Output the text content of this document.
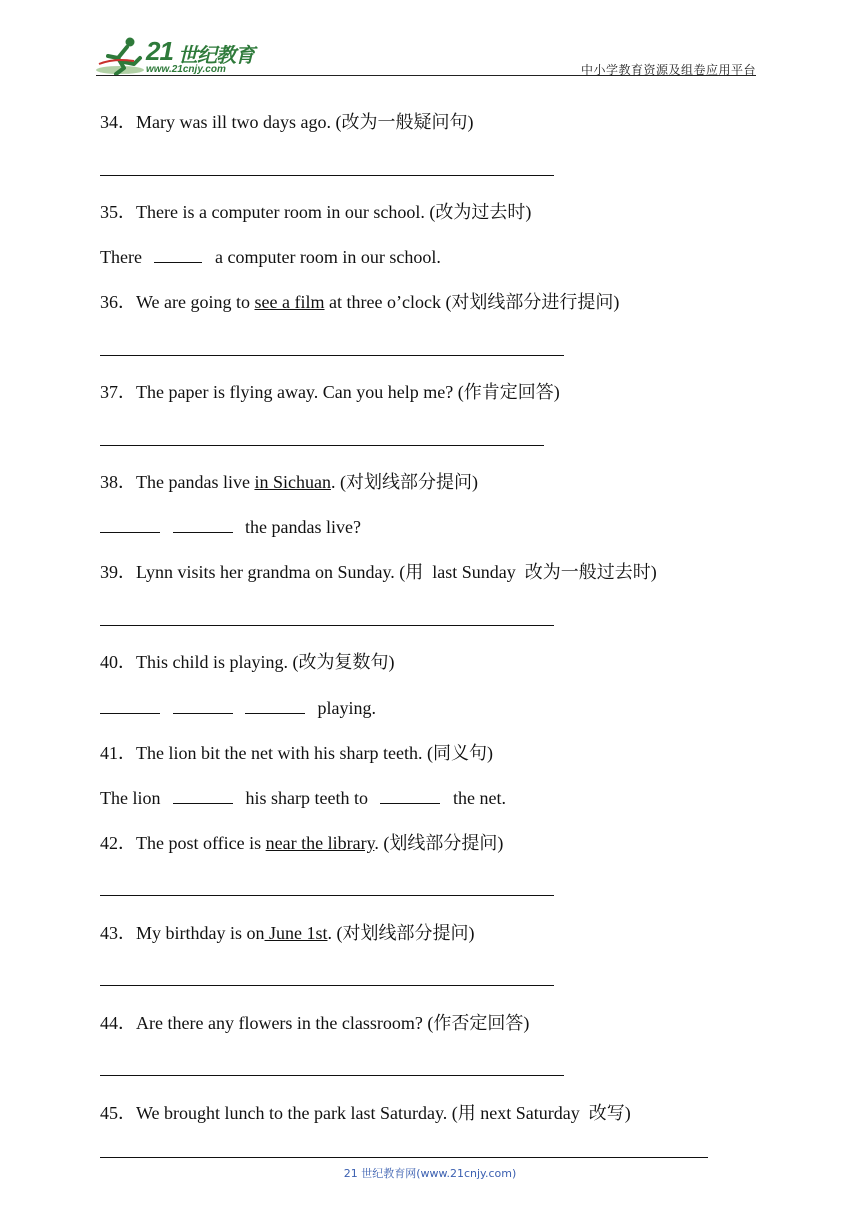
21 世纪教育
www.21cnjy.com	中小学教育资源及组卷应用平台
34．Mary was ill two days ago. (改为一般疑问句)
35．There is a computer room in our school. (改为过去时)
There	a computer room in our school.
36．We are going to see a film at three o’clock (对划线部分进行提问)
37．The paper is flying away. Can you help me? (作肯定回答)
38．The pandas live in Sichuan. (对划线部分提问)
the pandas live?
39．Lynn visits her grandma on Sunday. (用  last Sunday  改为一般过去时)
40．This child is playing. (改为复数句)
playing.
41．The lion bit the net with his sharp teeth. (同义句)
The lion	his sharp teeth to	the net.
42．The post office is near the library. (划线部分提问)
43．My birthday is on June 1st. (对划线部分提问)
44．Are there any flowers in the classroom? (作否定回答)
45．We brought lunch to the park last Saturday. (用 next Saturday  改写)
21 世纪教育网(www.21cnjy.com)
